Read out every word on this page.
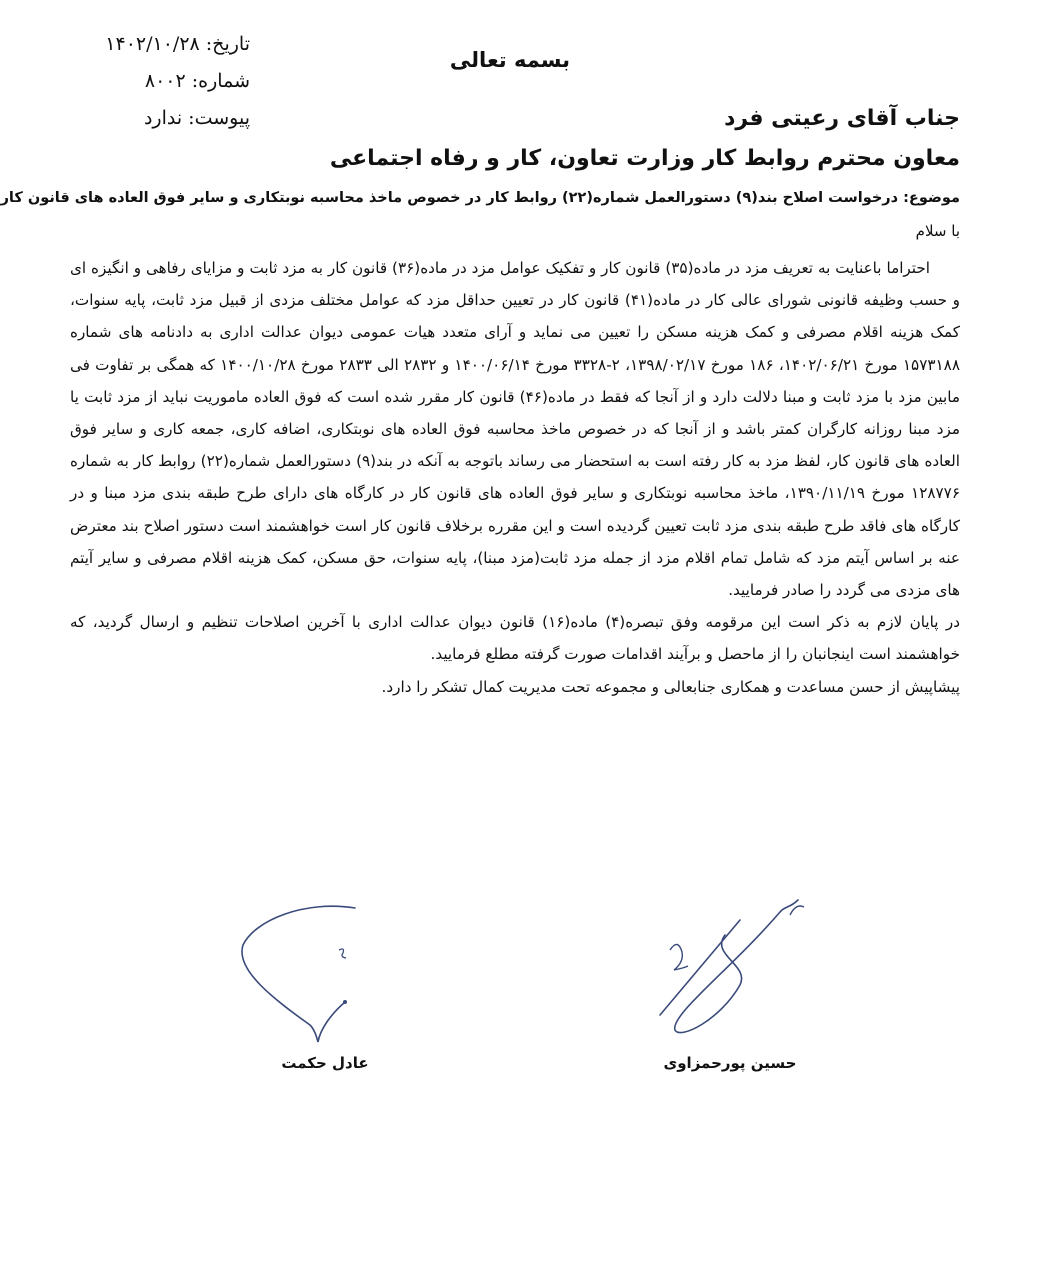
تاریخ: ۱۴۰۲/۱۰/۲۸
شماره: ۸۰۰۲
پیوست: ندارد
بسمه تعالی
جناب آقای رعیتی فرد
معاون محترم روابط کار وزارت تعاون، کار و رفاه اجتماعی
موضوع: درخواست اصلاح بند(۹) دستورالعمل شماره(۲۲) روابط کار در خصوص ماخذ محاسبه نوبتکاری و سایر فوق العاده های قانون کار
با سلام

احتراما باعنایت به تعریف مزد در ماده(۳۵) قانون کار و تفکیک عوامل مزد در ماده(۳۶) قانون کار به مزد ثابت و مزایای رفاهی و انگیزه ای و حسب وظیفه قانونی شورای عالی کار در ماده(۴۱) قانون کار در تعیین حداقل مزد که عوامل مختلف مزدی از قبیل مزد ثابت، پایه سنوات، کمک هزینه اقلام مصرفی و کمک هزینه مسکن را تعیین می نماید و آرای متعدد هیات عمومی دیوان عدالت اداری به دادنامه های شماره ۱۵۷۳۱۸۸ مورخ ۱۴۰۲/۰۶/۲۱، ۱۸۶ مورخ ۱۳۹۸/۰۲/۱۷، ۲-۳۳۲۸ مورخ ۱۴۰۰/۰۶/۱۴ و ۲۸۳۲ الی ۲۸۳۳ مورخ ۱۴۰۰/۱۰/۲۸ که همگی بر تفاوت فی مابین مزد با مزد ثابت و مبنا دلالت دارد و از آنجا که فقط در ماده(۴۶) قانون کار مقرر شده است که فوق العاده ماموریت نباید از مزد ثابت یا مزد مبنا روزانه کارگران کمتر باشد و از آنجا که در خصوص ماخذ محاسبه فوق العاده های نوبتکاری، اضافه کاری، جمعه کاری و سایر فوق العاده های قانون کار، لفظ مزد به کار رفته است به استحضار می رساند باتوجه به آنکه در بند(۹) دستورالعمل شماره(۲۲) روابط کار به شماره ۱۲۸۷۷۶ مورخ ۱۳۹۰/۱۱/۱۹، ماخذ محاسبه نوبتکاری و سایر فوق العاده های قانون کار در کارگاه های دارای طرح طبقه بندی مزد مبنا و در کارگاه های فاقد طرح طبقه بندی مزد ثابت تعیین گردیده است و این مقرره برخلاف قانون کار است خواهشمند است دستور اصلاح بند معترض عنه بر اساس آیتم مزد که شامل تمام اقلام مزد از جمله مزد ثابت(مزد مبنا)، پایه سنوات، حق مسکن، کمک هزینه اقلام مصرفی و سایر آیتم های مزدی می گردد را صادر فرمایید.

در پایان لازم به ذکر است این مرقومه وفق تبصره(۴) ماده(۱۶) قانون دیوان عدالت اداری با آخرین اصلاحات تنظیم و ارسال گردید، که خواهشمند است اینجانبان را از ماحصل و برآیند اقدامات صورت گرفته مطلع فرمایید.

پیشاپیش از حسن مساعدت و همکاری جنابعالی و مجموعه تحت مدیریت کمال تشکر را دارد.

عادل حکمت	حسین پورحمزاوی
